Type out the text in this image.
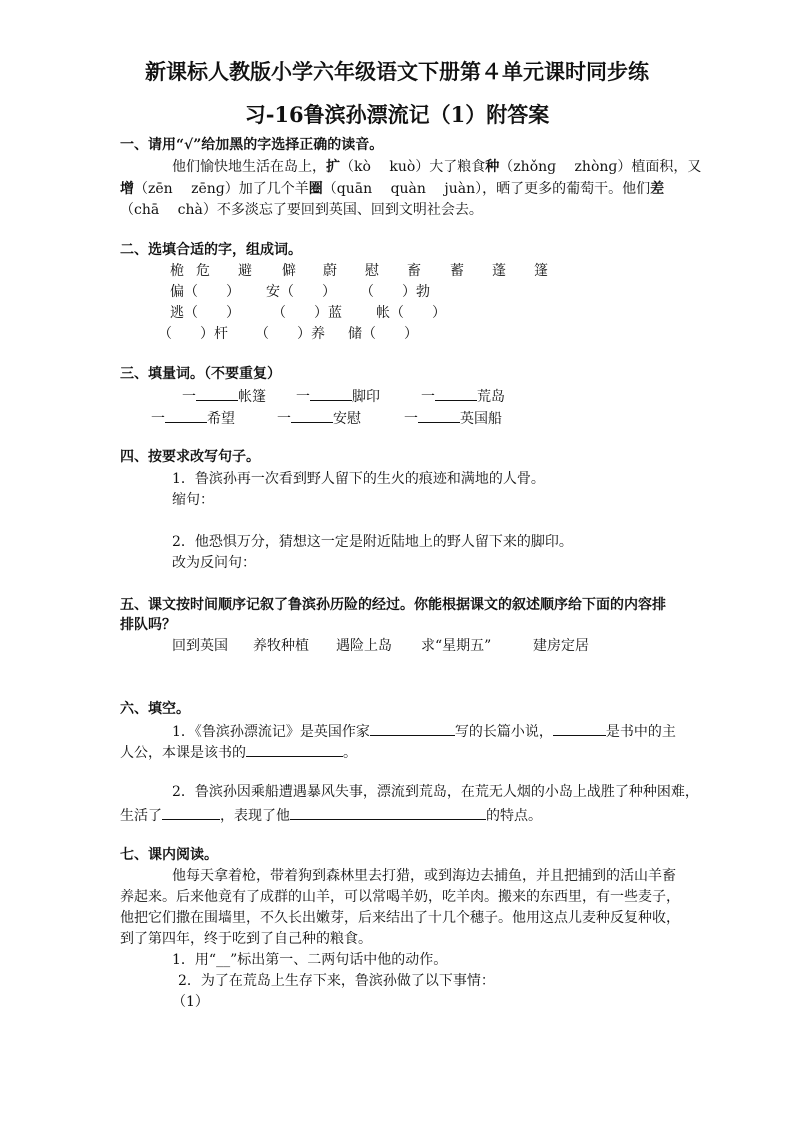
新课标人教版小学六年级语文下册第４单元课时同步练
习-16鲁滨孙漂流记（1）附答案
一、请用“√”给加黑的字选择正确的读音。
他们愉快地生活在岛上，扩（kò　 kuò）大了粮食种（zhǒnɡ　 zhònɡ）植面积，又
增（zēn　 zēnɡ）加了几个羊圈（quān　 quàn　 juàn），晒了更多的葡萄干。他们差
（chā　 chà）不多淡忘了要回到英国、回到文明社会去。
二、选填合适的字，组成词。
桅 危 避 僻 蔚 慰 畜 蓄 蓬 篷
偏（　　） 安（　　） （　　）勃
逃（　　） （　　）蓝 帐（　　）
（　　）杆 （　　）养 储（　　）
三、填量词。（不要重复）
一	帐篷 一	脚印	一	荒岛
一	希望	一	安慰	一	英国船
四、按要求改写句子。
1．鲁滨孙再一次看到野人留下的生火的痕迹和满地的人骨。
缩句：
2．他恐惧万分，猜想这一定是附近陆地上的野人留下来的脚印。
改为反问句：
五、课文按时间顺序记叙了鲁滨孙历险的经过。你能根据课文的叙述顺序给下面的内容排
排队吗？
回到英国 养牧种植 遇险上岛 求“星期五”	建房定居
六、填空。
1．《鲁滨孙漂流记》是英国作家	写的长篇小说，	是书中的主
人公，本课是该书的	。
2．鲁滨孙因乘船遭遇暴风失事，漂流到荒岛，在荒无人烟的小岛上战胜了种种困难，
生活了	，表现了他	的特点。
七、课内阅读。
他每天拿着枪，带着狗到森林里去打猎，或到海边去捕鱼，并且把捕到的活山羊畜
养起来。后来他竟有了成群的山羊，可以常喝羊奶，吃羊肉。搬来的东西里，有一些麦子，
他把它们撒在围墙里，不久长出嫩芽，后来结出了十几个穗子。他用这点儿麦种反复种收，
到了第四年，终于吃到了自己种的粮食。
1．用“__”标出第一、二两句话中他的动作。
2．为了在荒岛上生存下来，鲁滨孙做了以下事情：
（1）
